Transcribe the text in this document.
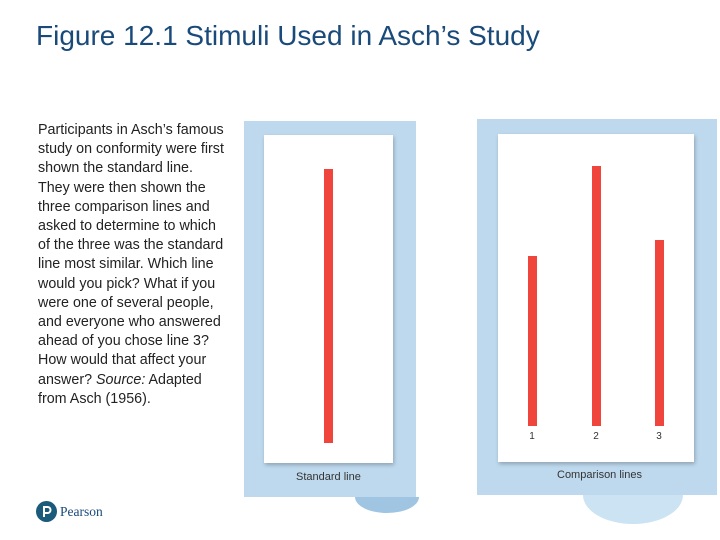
Figure 12.1 Stimuli Used in Asch’s Study
Participants in Asch’s famous study on conformity were first shown the standard line. They were then shown the three comparison lines and asked to determine to which of the three was the standard line most similar. Which line would you pick? What if you were one of several people, and everyone who answered ahead of you chose line 3? How would that affect your answer? Source: Adapted from Asch (1956).
Standard line
1	2	3
Comparison lines
Pearson
